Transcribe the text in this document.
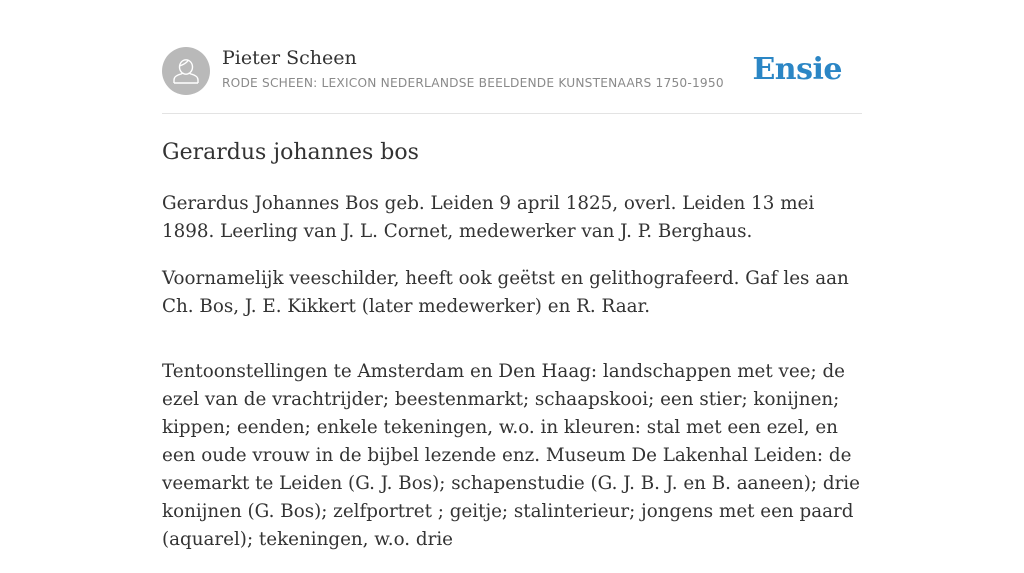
Pieter Scheen
RODE SCHEEN: LEXICON NEDERLANDSE BEELDENDE KUNSTENAARS 1750-1950 Ensie
Gerardus johannes bos

Gerardus Johannes Bos geb. Leiden 9 april 1825, overl. Leiden 13 mei 1898. Leerling van J. L. Cornet, medewerker van J. P. Berghaus.

Voornamelijk veeschilder, heeft ook geëtst en gelithografeerd. Gaf les aan Ch. Bos, J. E. Kikkert (later medewerker) en R. Raar.

Tentoonstellingen te Amsterdam en Den Haag: landschappen met vee; de ezel van de vrachtrijder; beestenmarkt; schaapskooi; een stier; konijnen; kippen; eenden; enkele tekeningen, w.o. in kleuren: stal met een ezel, en een oude vrouw in de bijbel lezende enz. Museum De Lakenhal Leiden: de veemarkt te Leiden (G. J. Bos); schapenstudie (G. J. B. J. en B. aaneen); drie konijnen (G. Bos); zelfportret ; geitje; stalinterieur; jongens met een paard (aquarel); tekeningen, w.o. drie
